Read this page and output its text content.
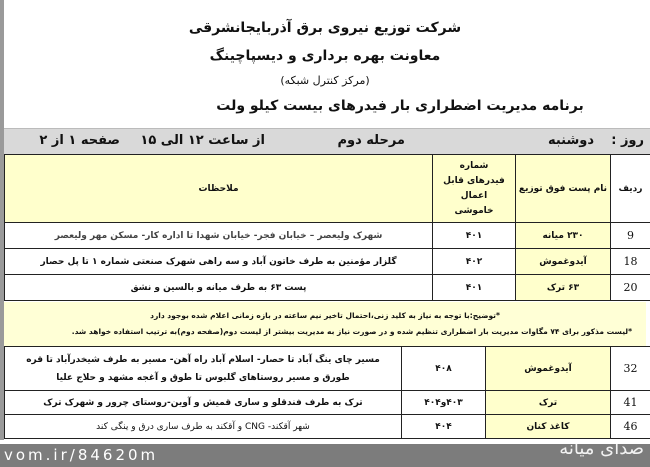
شرکت توزیع نیروی برق آذربایجانشرقی
معاونت بهره برداری و دیسپاچینگ
(مرکز کنترل شبکه)
برنامه مدیریت اضطراری بار فیدرهای بیست کیلو ولت
روز :
دوشنبه
مرحله دوم
از ساعت ۱۲ الی ۱۵
صفحه ۱ از ۲
ردیف	نام پست فوق توزیع	شماره فیدرهای قابل اعمال خاموشی	ملاحظات
9	۲۳۰ میانه	۴۰۱	شهرک ولیعصر – خیابان فجر- خیابان شهدا تا اداره کار- مسکن مهر ولیعصر
18	آیدوغموش	۴۰۲	گلزار مؤمنین به طرف خاتون آباد و سه راهی شهرک صنعتی شماره ۱ تا پل حصار
20	۶۳ ترک	۴۰۱	پست ۶۳ به طرف میانه و بالسین و نشق
*توضیح:با توجه به نیاز به کلید زنی،احتمال تاخیر نیم ساعته در بازه زمانی اعلام شده بوجود دارد
*لیست مذکور برای ۷۴ مگاوات مدیریت بار اضطراری تنظیم شده و در صورت نیاز به مدیریت بیشتر از لیست دوم(صفحه دوم)به ترتیب استفاده خواهد شد.
32	آیدوغموش	۴۰۸	مسیر چای ینگ آباد تا حصار- اسلام آباد راه آهن- مسیر به طرف شیخدرآباد تا قره طورق و مسیر روستاهای گلبوس تا طوق و آغجه مشهد و حلاج علیا
41	ترک	۴۰۳و۴۰۴	ترک به طرف فندقلو و ساری قمیش و آوین-روستای چرور و شهرک ترک
46	کاغذ کنان	۴۰۴	شهر آقکند- CNG و آقکند به طرف ساری درق و ینگی کند
vom.ir/84620m	صدای میانه
